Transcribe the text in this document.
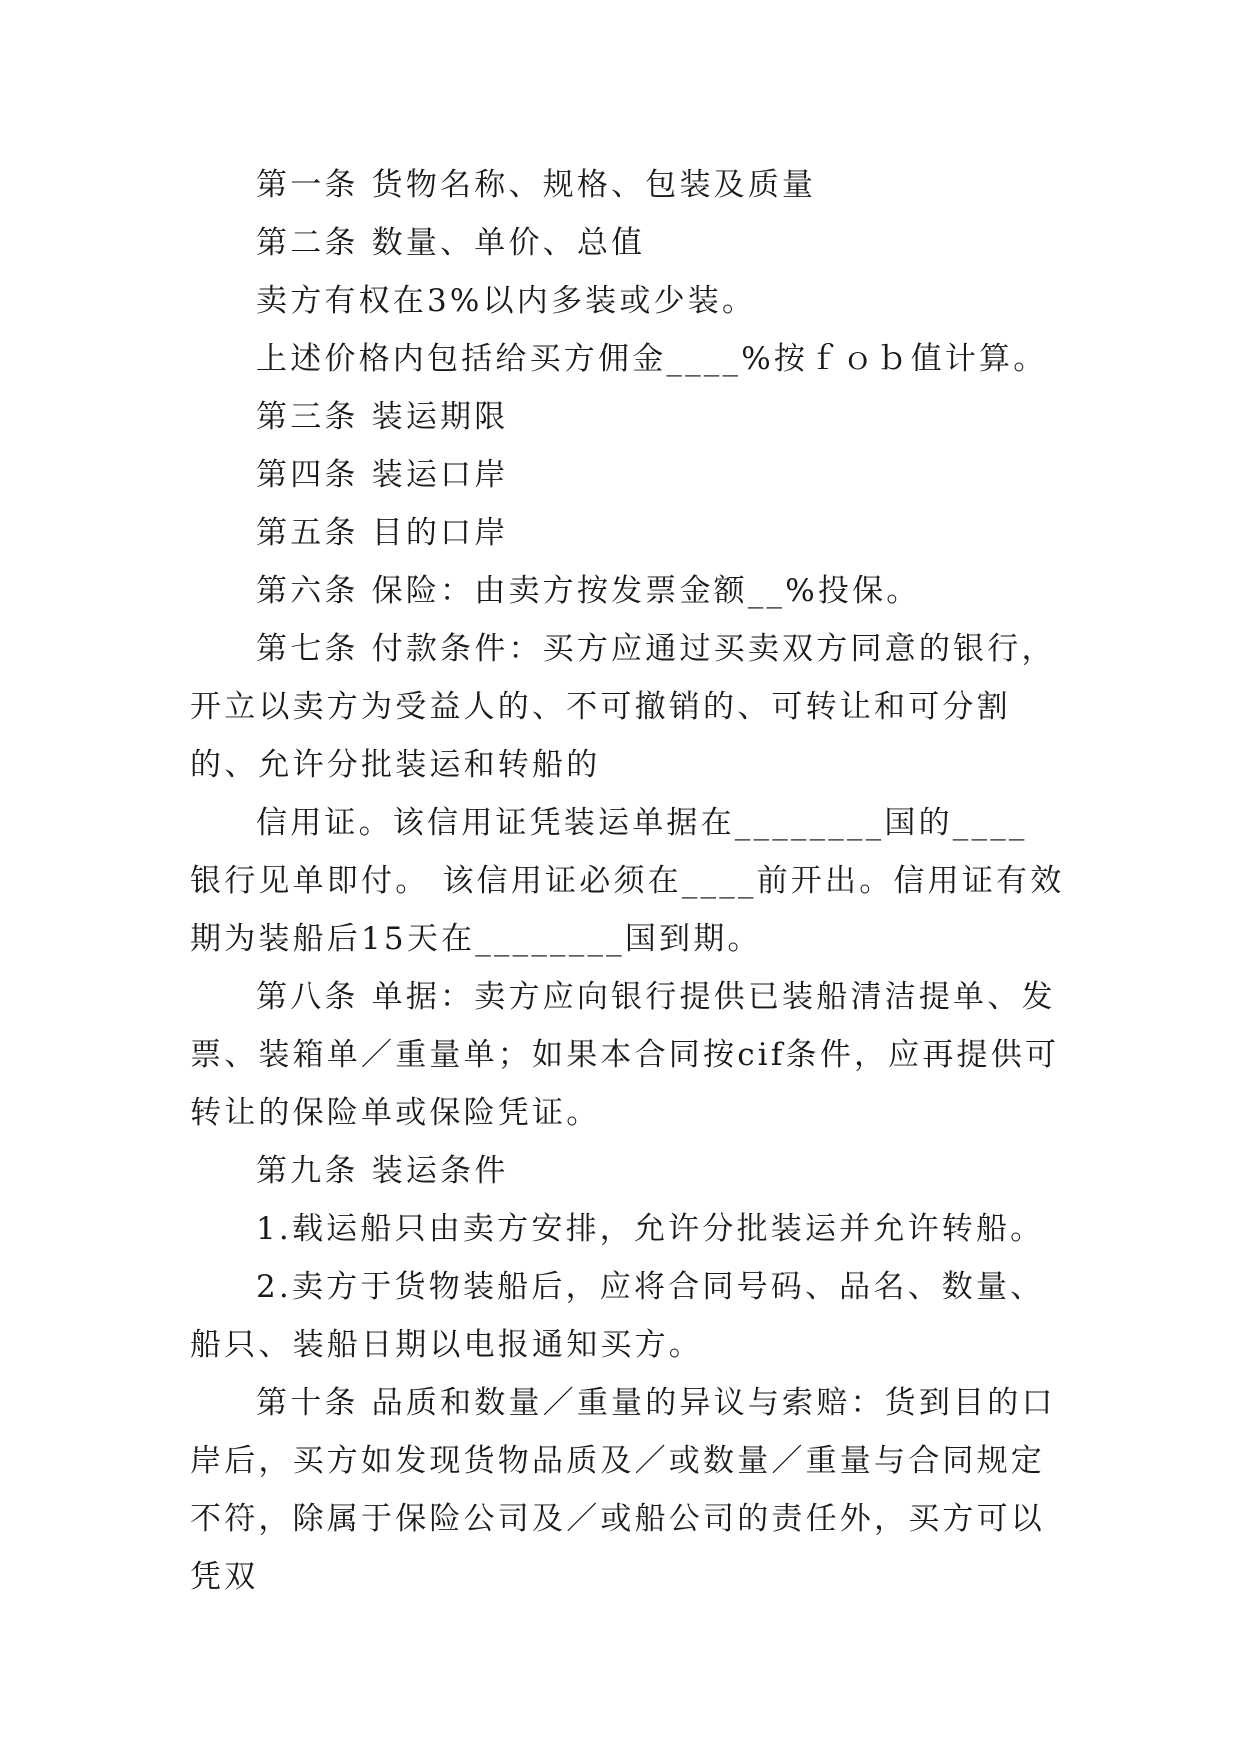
第一条 货物名称、规格、包装及质量

第二条 数量、单价、总值

卖方有权在3%以内多装或少装。

上述价格内包括给买方佣金____%按ｆｏｂ值计算。

第三条 装运期限

第四条 装运口岸

第五条 目的口岸

第六条 保险：由卖方按发票金额__%投保。

第七条 付款条件：买方应通过买卖双方同意的银行，开立以卖方为受益人的、不可撤销的、可转让和可分割的、允许分批装运和转船的

信用证。该信用证凭装运单据在________国的____ 银行见单即付。 该信用证必须在____前开出。信用证有效期为装船后15天在________国到期。

第八条 单据：卖方应向银行提供已装船清洁提单、发票、装箱单／重量单；如果本合同按cif条件，应再提供可转让的保险单或保险凭证。

第九条 装运条件

1.载运船只由卖方安排，允许分批装运并允许转船。

2.卖方于货物装船后，应将合同号码、品名、数量、船只、装船日期以电报通知买方。

第十条 品质和数量／重量的异议与索赔：货到目的口岸后，买方如发现货物品质及／或数量／重量与合同规定不符，除属于保险公司及／或船公司的责任外，买方可以凭双
